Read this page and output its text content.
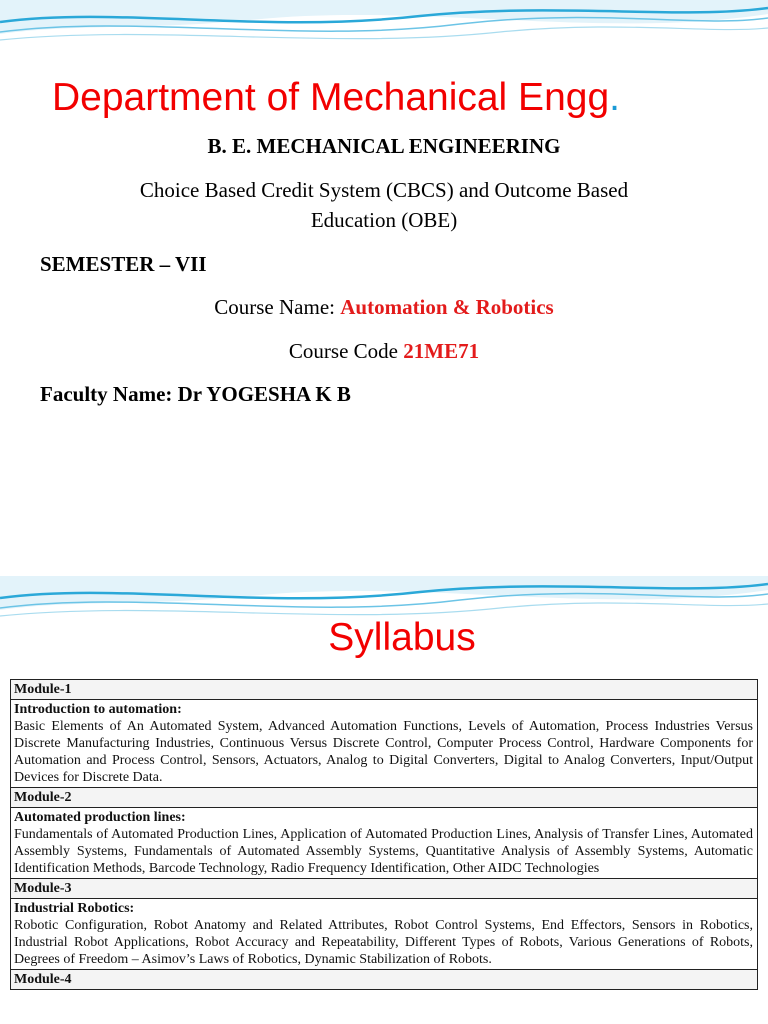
Department of Mechanical Engg.
B. E. MECHANICAL ENGINEERING
Choice Based Credit System (CBCS) and Outcome Based
Education (OBE)
SEMESTER – VII
Course Name: Automation & Robotics
Course Code 21ME71
Faculty Name: Dr YOGESHA K B
Syllabus
Module-1

Introduction to automation:
Basic Elements of An Automated System, Advanced Automation Functions, Levels of Automation, Process Industries Versus Discrete Manufacturing Industries, Continuous Versus Discrete Control, Computer Process Control, Hardware Components for Automation and Process Control, Sensors, Actuators, Analog to Digital Converters, Digital to Analog Converters, Input/Output Devices for Discrete Data.
Module-2

Automated production lines:
Fundamentals of Automated Production Lines, Application of Automated Production Lines, Analysis of Transfer Lines, Automated Assembly Systems, Fundamentals of Automated Assembly Systems, Quantitative Analysis of Assembly Systems, Automatic Identification Methods, Barcode Technology, Radio Frequency Identification, Other AIDC Technologies
Module-3

Industrial Robotics:
Robotic Configuration, Robot Anatomy and Related Attributes, Robot Control Systems, End Effectors, Sensors in Robotics, Industrial Robot Applications, Robot Accuracy and Repeatability, Different Types of Robots, Various Generations of Robots, Degrees of Freedom – Asimov’s Laws of Robotics, Dynamic Stabilization of Robots.
Module-4
